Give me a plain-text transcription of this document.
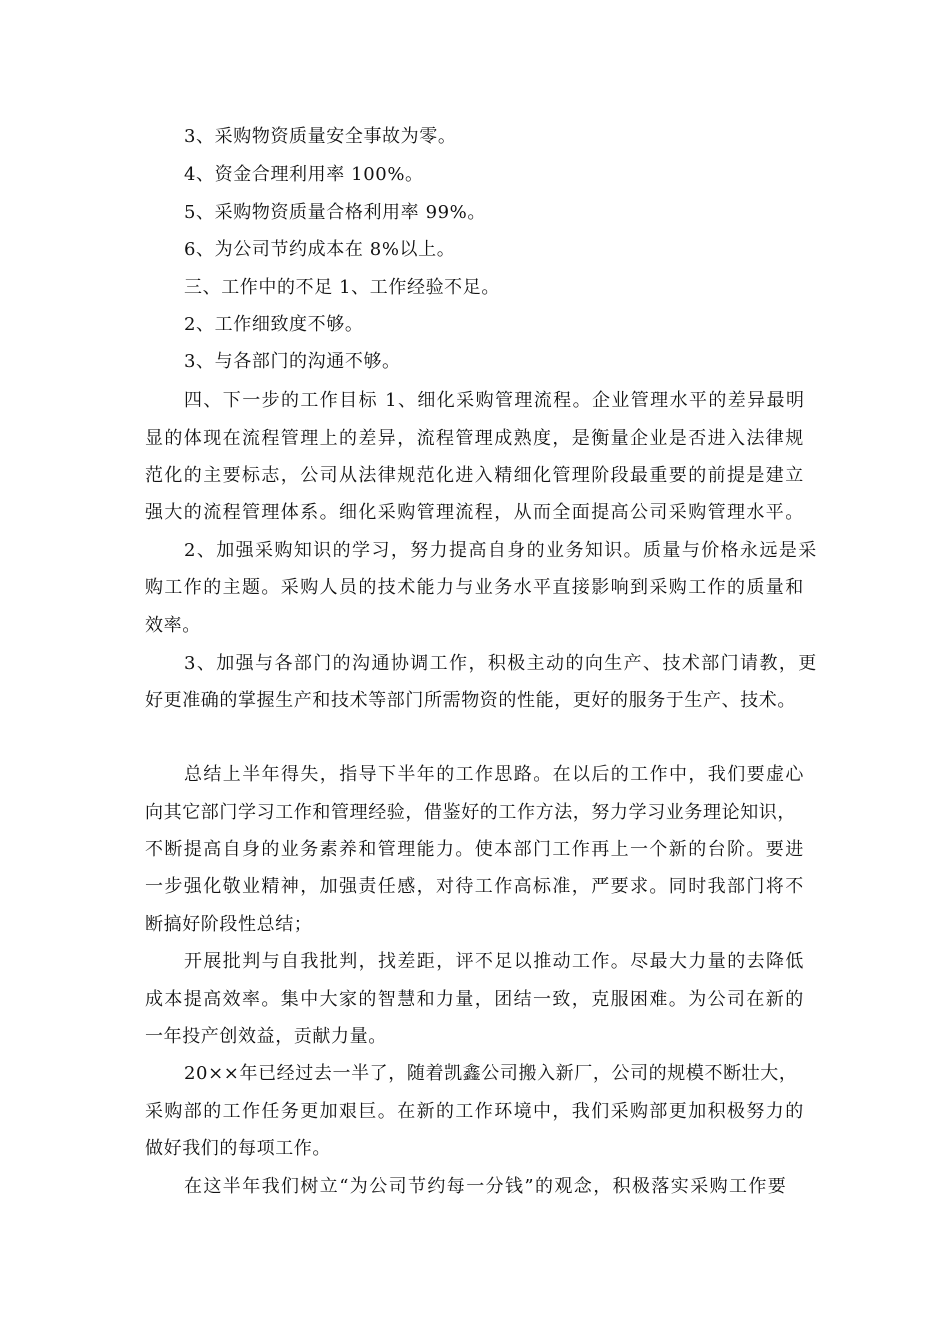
3、采购物资质量安全事故为零。
4、资金合理利用率 100%。
5、采购物资质量合格利用率 99%。
6、为公司节约成本在 8%以上。
三、工作中的不足 1、工作经验不足。
2、工作细致度不够。
3、与各部门的沟通不够。
四、下一步的工作目标 1、细化采购管理流程。企业管理水平的差异最明
显的体现在流程管理上的差异，流程管理成熟度，是衡量企业是否进入法律规
范化的主要标志，公司从法律规范化进入精细化管理阶段最重要的前提是建立
强大的流程管理体系。细化采购管理流程，从而全面提高公司采购管理水平。
2、加强采购知识的学习，努力提高自身的业务知识。质量与价格永远是采
购工作的主题。采购人员的技术能力与业务水平直接影响到采购工作的质量和
效率。
3、加强与各部门的沟通协调工作，积极主动的向生产、技术部门请教，更
好更准确的掌握生产和技术等部门所需物资的性能，更好的服务于生产、技术。
总结上半年得失，指导下半年的工作思路。在以后的工作中，我们要虚心
向其它部门学习工作和管理经验，借鉴好的工作方法，努力学习业务理论知识，
不断提高自身的业务素养和管理能力。使本部门工作再上一个新的台阶。要进
一步强化敬业精神，加强责任感，对待工作高标准，严要求。同时我部门将不
断搞好阶段性总结；
开展批判与自我批判，找差距，评不足以推动工作。尽最大力量的去降低
成本提高效率。集中大家的智慧和力量，团结一致，克服困难。为公司在新的
一年投产创效益，贡献力量。
20××年已经过去一半了，随着凯鑫公司搬入新厂，公司的规模不断壮大，
采购部的工作任务更加艰巨。在新的工作环境中，我们采购部更加积极努力的
做好我们的每项工作。
在这半年我们树立“为公司节约每一分钱”的观念，积极落实采购工作要
